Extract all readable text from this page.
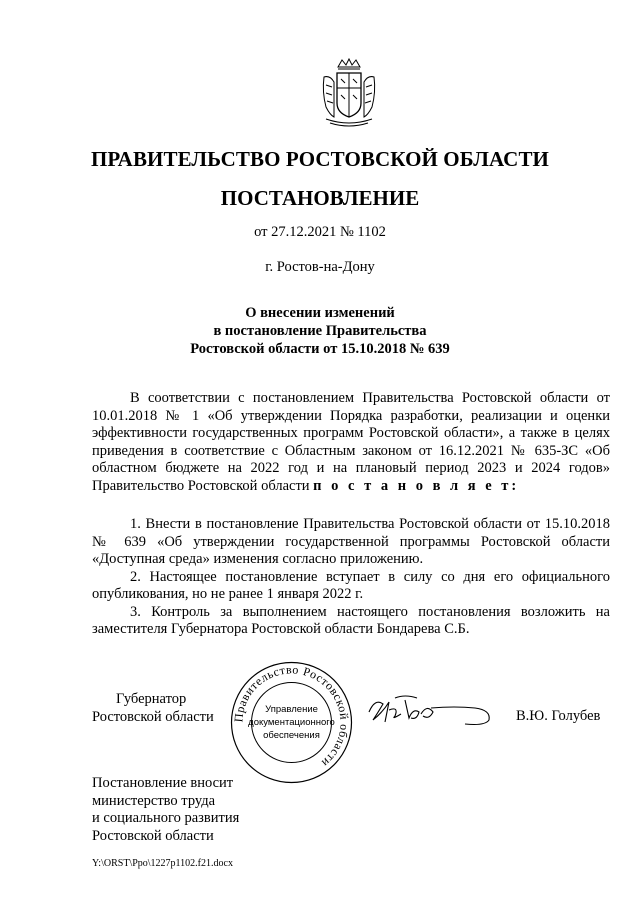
ПРАВИТЕЛЬСТВО РОСТОВСКОЙ ОБЛАСТИ
ПОСТАНОВЛЕНИЕ
от 27.12.2021 № 1102
г. Ростов-на-Дону
О внесении изменений
в постановление Правительства
Ростовской области от 15.10.2018 № 639
В соответствии с постановлением Правительства Ростовской области от 10.01.2018 № 1 «Об утверждении Порядка разработки, реализации и оценки эффективности государственных программ Ростовской области», а также в целях приведения в соответствие с Областным законом от 16.12.2021 № 635-ЗС «Об областном бюджете на 2022 год и на плановый период 2023 и 2024 годов» Правительство Ростовской области п о с т а н о в л я е т:

1. Внести в постановление Правительства Ростовской области от 15.10.2018 № 639 «Об утверждении государственной программы Ростовской области «Доступная среда» изменения согласно приложению.

2. Настоящее постановление вступает в силу со дня его официального опубликования, но не ранее 1 января 2022 г.

3. Контроль за выполнением настоящего постановления возложить на заместителя Губернатора Ростовской области Бондарева С.Б.

Губернатор
Ростовской области Правительство Ростовской области
Управление
документационного
обеспечения
В.Ю. Голубев
Постановление вносит
министерство труда
и социального развития
Ростовской области
Y:\ORST\Ppo\1227p1102.f21.docx
